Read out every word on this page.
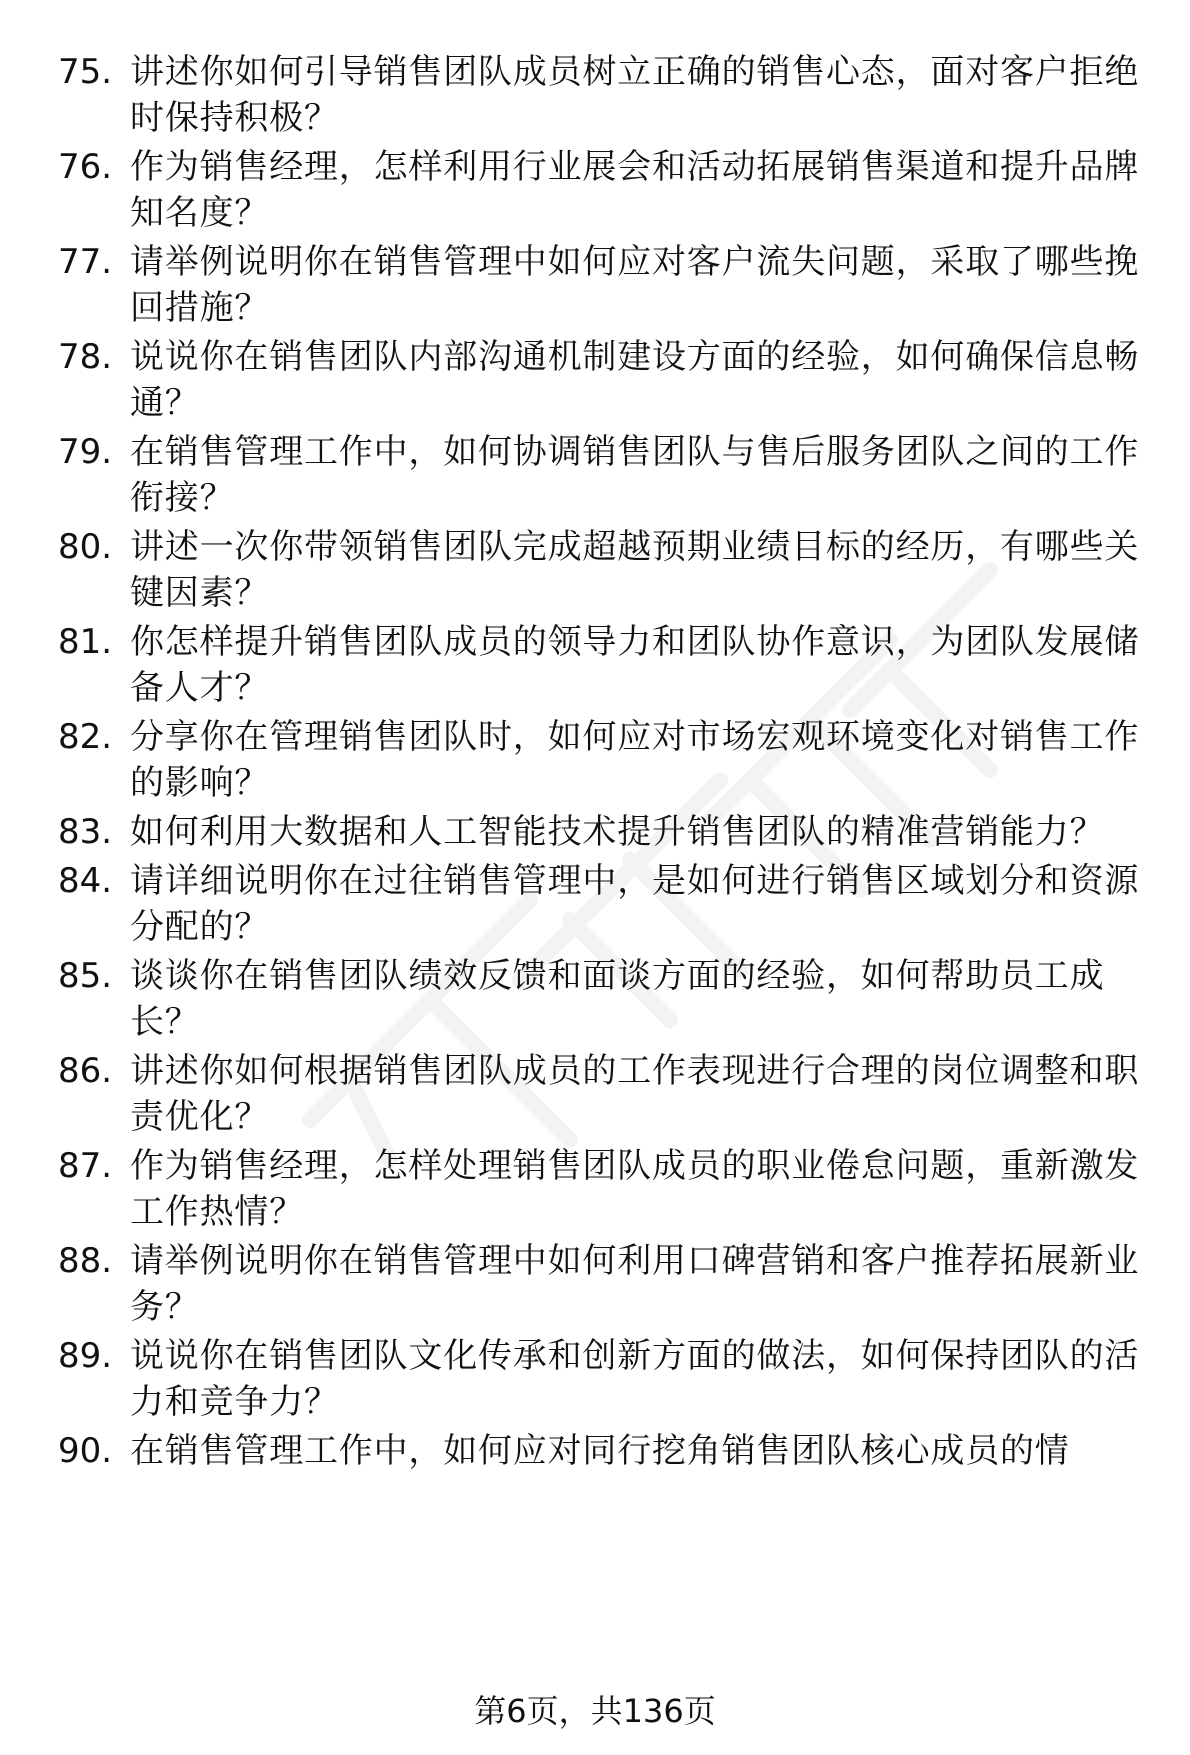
75. 讲述你如何引导销售团队成员树立正确的销售心态，面对客户拒绝时保持积极？
76. 作为销售经理，怎样利用行业展会和活动拓展销售渠道和提升品牌知名度？
77. 请举例说明你在销售管理中如何应对客户流失问题，采取了哪些挽回措施？
78. 说说你在销售团队内部沟通机制建设方面的经验，如何确保信息畅通？
79. 在销售管理工作中，如何协调销售团队与售后服务团队之间的工作衔接？
80. 讲述一次你带领销售团队完成超越预期业绩目标的经历，有哪些关键因素？
81. 你怎样提升销售团队成员的领导力和团队协作意识，为团队发展储备人才？
82. 分享你在管理销售团队时，如何应对市场宏观环境变化对销售工作的影响？
83. 如何利用大数据和人工智能技术提升销售团队的精准营销能力？
84. 请详细说明你在过往销售管理中，是如何进行销售区域划分和资源分配的？
85. 谈谈你在销售团队绩效反馈和面谈方面的经验，如何帮助员工成长？
86. 讲述你如何根据销售团队成员的工作表现进行合理的岗位调整和职责优化？
87. 作为销售经理，怎样处理销售团队成员的职业倦怠问题，重新激发工作热情？
88. 请举例说明你在销售管理中如何利用口碑营销和客户推荐拓展新业务？
89. 说说你在销售团队文化传承和创新方面的做法，如何保持团队的活力和竞争力？
90. 在销售管理工作中，如何应对同行挖角销售团队核心成员的情
第6页，共136页
